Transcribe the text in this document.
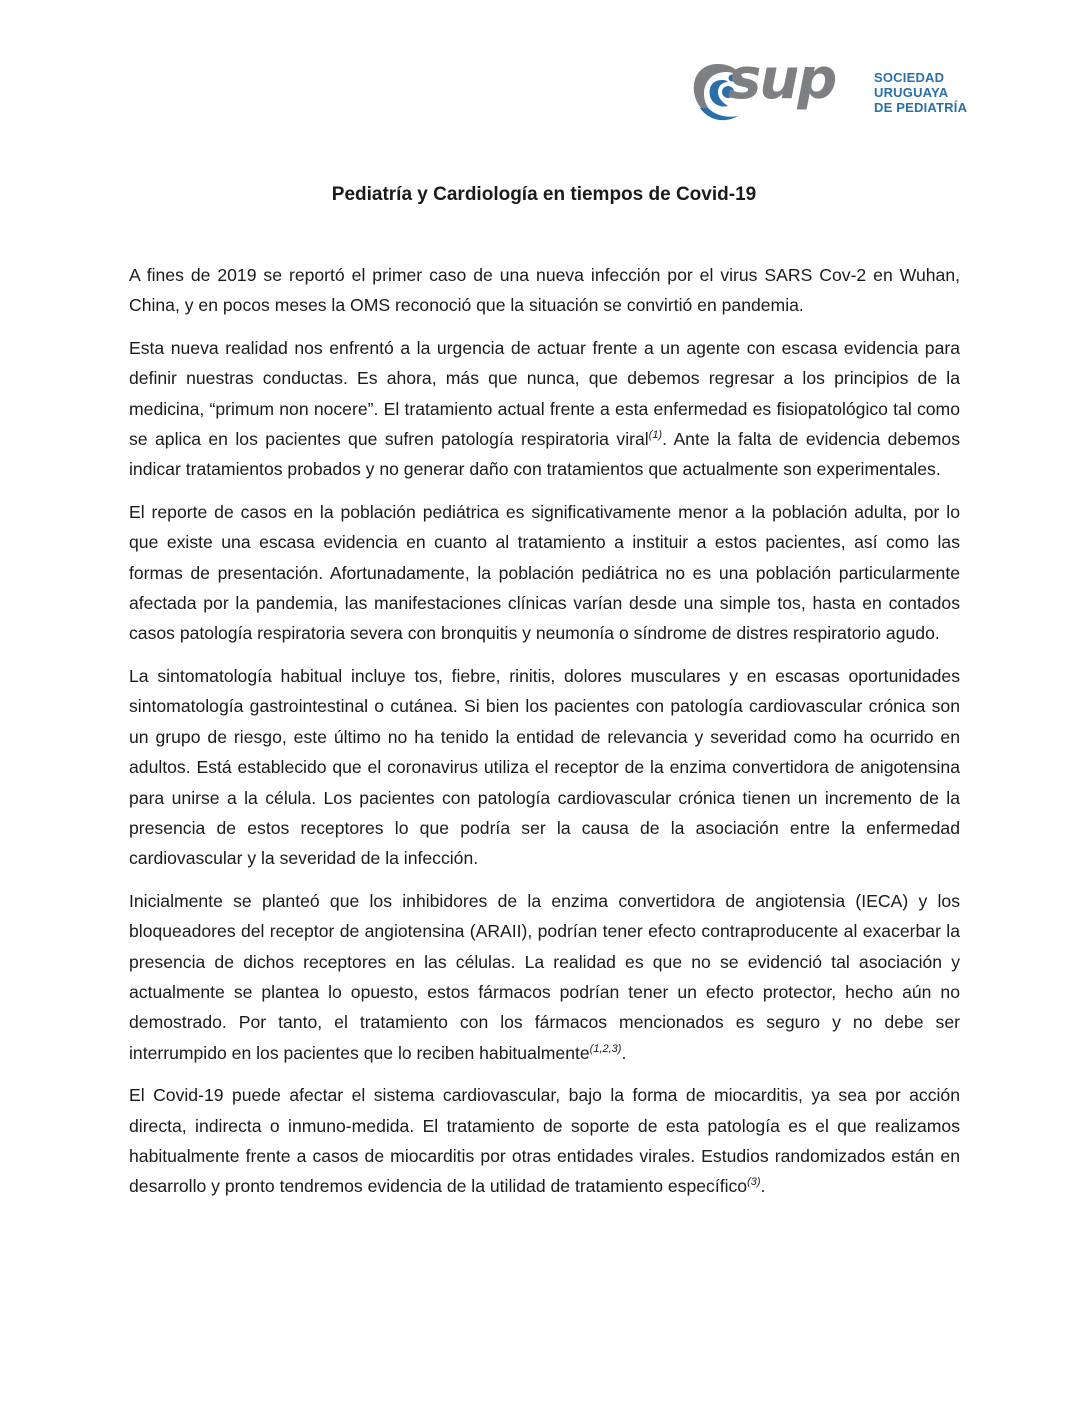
sup	SOCIEDAD
URUGUAYA
DE PEDIATRÍA
Pediatría y Cardiología en tiempos de Covid-19

A fines de 2019 se reportó el primer caso de una nueva infección por el virus SARS Cov-2 en Wuhan, China, y en pocos meses la OMS reconoció que la situación se convirtió en pandemia.

Esta nueva realidad nos enfrentó a la urgencia de actuar frente a un agente con escasa evidencia para definir nuestras conductas. Es ahora, más que nunca, que debemos regresar a los principios de la medicina, “primum non nocere”. El tratamiento actual frente a esta enfermedad es fisiopatológico tal como se aplica en los pacientes que sufren patología respiratoria viral$^{(1)}$. Ante la falta de evidencia debemos indicar tratamientos probados y no generar daño con tratamientos que actualmente son experimentales.

El reporte de casos en la población pediátrica es significativamente menor a la población adulta, por lo que existe una escasa evidencia en cuanto al tratamiento a instituir a estos pacientes, así como las formas de presentación. Afortunadamente, la población pediátrica no es una población particularmente afectada por la pandemia, las manifestaciones clínicas varían desde una simple tos, hasta en contados casos patología respiratoria severa con bronquitis y neumonía o síndrome de distres respiratorio agudo.

La sintomatología habitual incluye tos, fiebre, rinitis, dolores musculares y en escasas oportunidades sintomatología gastrointestinal o cutánea. Si bien los pacientes con patología cardiovascular crónica son un grupo de riesgo, este último no ha tenido la entidad de relevancia y severidad como ha ocurrido en adultos. Está establecido que el coronavirus utiliza el receptor de la enzima convertidora de anigotensina para unirse a la célula. Los pacientes con patología cardiovascular crónica tienen un incremento de la presencia de estos receptores lo que podría ser la causa de la asociación entre la enfermedad cardiovascular y la severidad de la infección.

Inicialmente se planteó que los inhibidores de la enzima convertidora de angiotensia (IECA) y los bloqueadores del receptor de angiotensina (ARAII), podrían tener efecto contraproducente al exacerbar la presencia de dichos receptores en las células. La realidad es que no se evidenció tal asociación y actualmente se plantea lo opuesto, estos fármacos podrían tener un efecto protector, hecho aún no demostrado. Por tanto, el tratamiento con los fármacos mencionados es seguro y no debe ser interrumpido en los pacientes que lo reciben habitualmente$^{(1,2,3)}$.

El Covid-19 puede afectar el sistema cardiovascular, bajo la forma de miocarditis, ya sea por acción directa, indirecta o inmuno-medida. El tratamiento de soporte de esta patología es el que realizamos habitualmente frente a casos de miocarditis por otras entidades virales. Estudios randomizados están en desarrollo y pronto tendremos evidencia de la utilidad de tratamiento específico$^{(3)}$.
